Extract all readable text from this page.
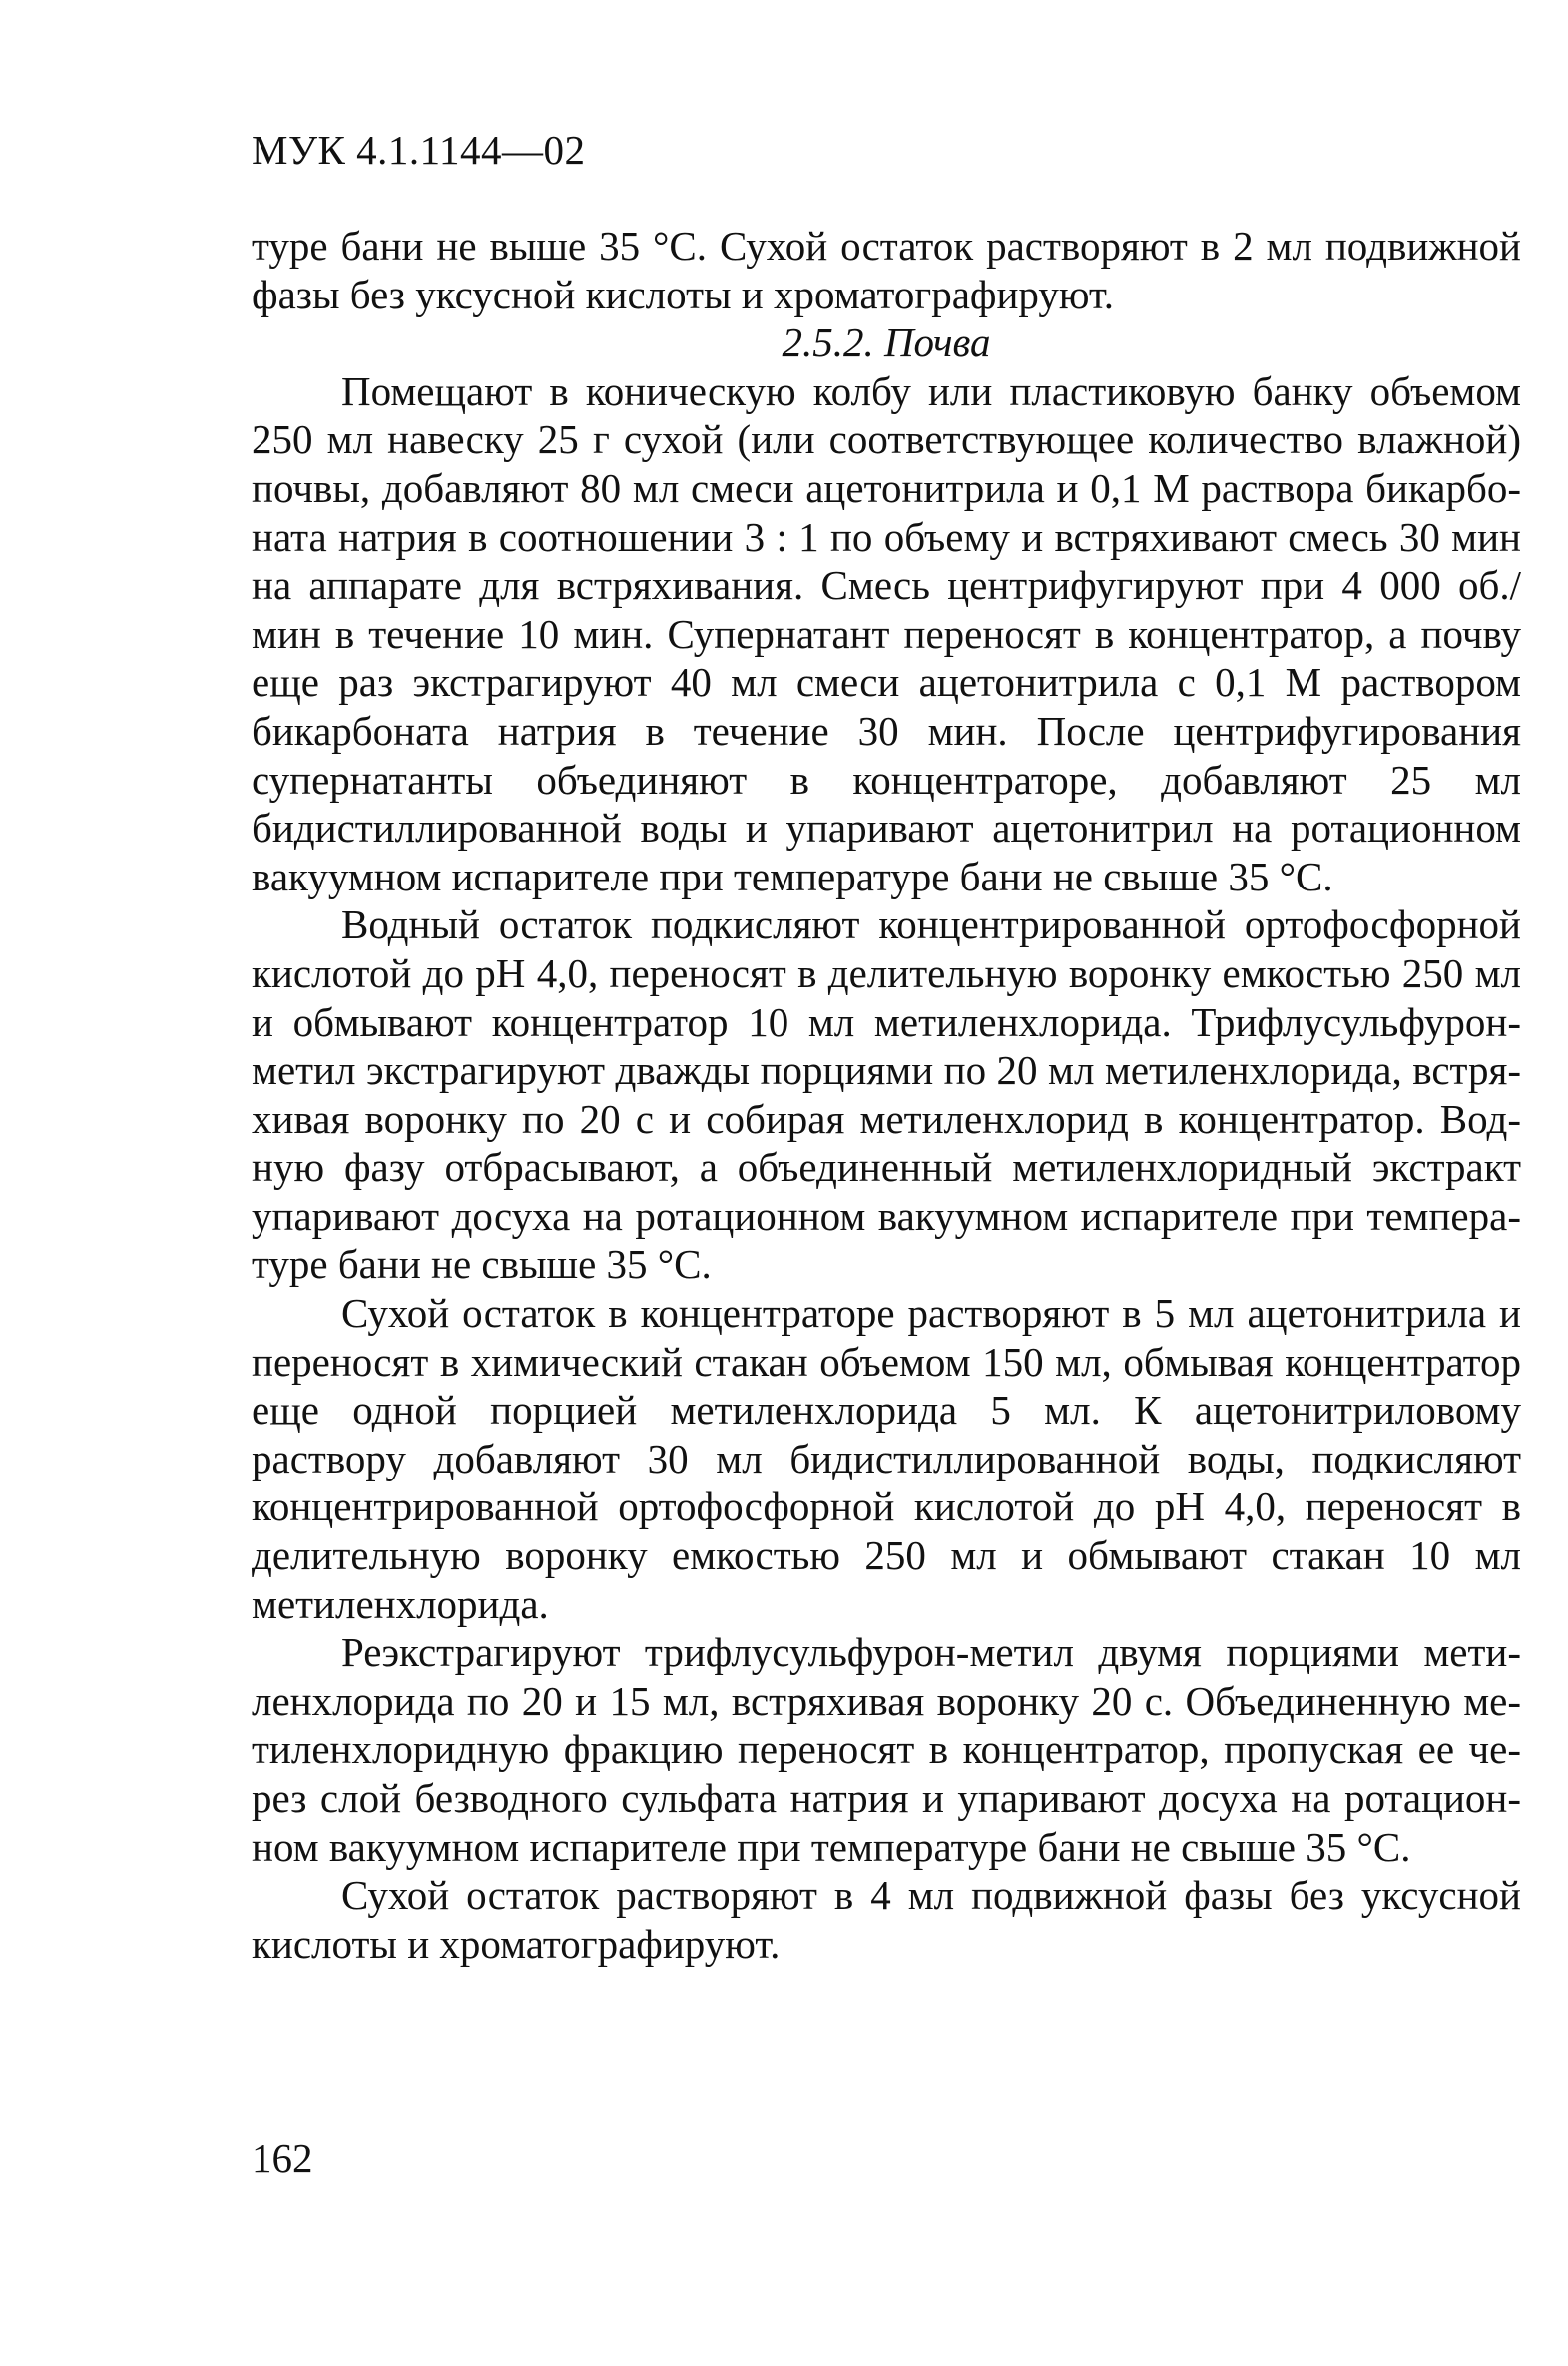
МУК 4.1.1144—02

туре бани не выше 35 °С. Сухой остаток растворяют в 2 мл подвижной фазы без уксусной кислоты и хроматографируют.

2.5.2. Почва

Помещают в коническую колбу или пластиковую банку объемом 250 мл навеску 25 г сухой (или соответствующее количество влажной) почвы, добавляют 80 мл смеси ацетонитрила и 0,1 М раствора бикарбоната натрия в соотношении 3 : 1 по объему и встряхивают смесь 30 мин на аппарате для встряхивания. Смесь центрифугируют при 4 000 об./мин в течение 10 мин. Супернатант переносят в концентратор, а почву еще раз экстрагируют 40 мл смеси ацетонитрила с 0,1 М раствором бикарбоната натрия в течение 30 мин. После центрифугирования супернатанты объединяют в концентраторе, добавляют 25 мл бидистиллированной воды и упаривают ацетонитрил на ротационном вакуумном испарителе при температуре бани не свыше 35 °С.

Водный остаток подкисляют концентрированной ортофосфорной кислотой до рН 4,0, переносят в делительную воронку емкостью 250 мл и обмывают концентратор 10 мл метиленхлорида. Трифлусульфуронметил экстрагируют дважды порциями по 20 мл метиленхлорида, встряхивая воронку по 20 с и собирая метиленхлорид в концентратор. Водную фазу отбрасывают, а объединенный метиленхлоридный экстракт упаривают досуха на ротационном вакуумном испарителе при температуре бани не свыше 35 °С.

Сухой остаток в концентраторе растворяют в 5 мл ацетонитрила и переносят в химический стакан объемом 150 мл, обмывая концентратор еще одной порцией метиленхлорида 5 мл. К ацетонитриловому раствору добавляют 30 мл бидистиллированной воды, подкисляют концентрированной ортофосфорной кислотой до рН 4,0, переносят в делительную воронку емкостью 250 мл и обмывают стакан 10 мл метиленхлорида.

Реэкстрагируют трифлусульфурон-метил двумя порциями метиленхлорида по 20 и 15 мл, встряхивая воронку 20 с. Объединенную метиленхлоридную фракцию переносят в концентратор, пропуская ее через слой безводного сульфата натрия и упаривают досуха на ротационном вакуумном испарителе при температуре бани не свыше 35 °С.

Сухой остаток растворяют в 4 мл подвижной фазы без уксусной кислоты и хроматографируют.

162
